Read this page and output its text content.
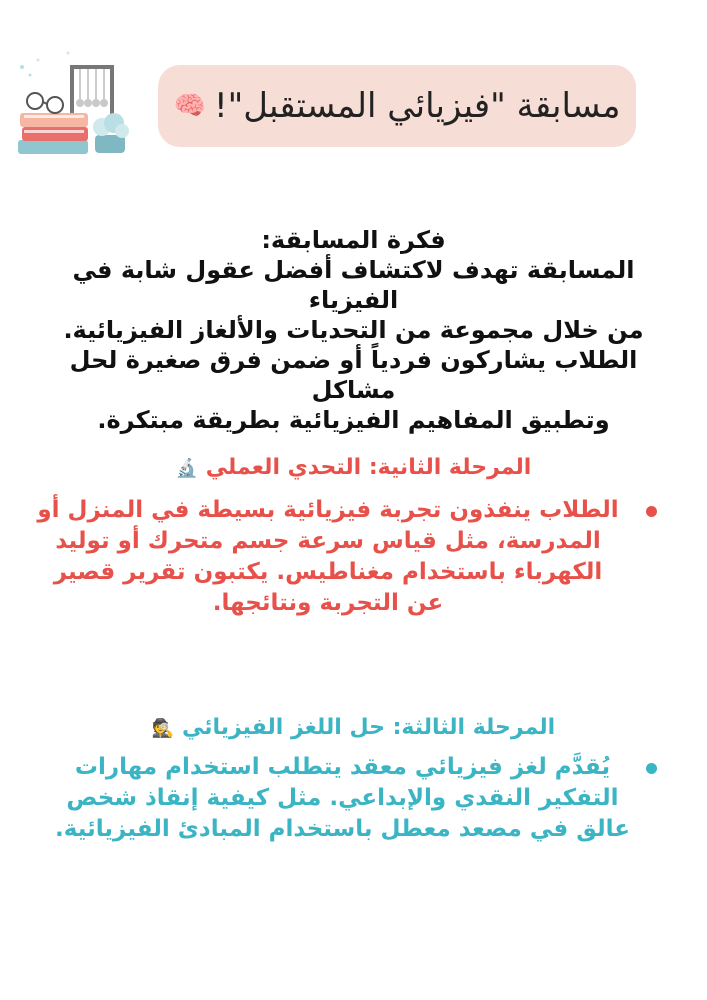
مسابقة "فيزيائي المستقبل"!
🧠

فكرة المسابقة:

المسابقة تهدف لاكتشاف أفضل عقول شابة في الفيزياء

من خلال مجموعة من التحديات والألغاز الفيزيائية.

الطلاب يشاركون فردياً أو ضمن فرق صغيرة لحل مشاكل

وتطبيق المفاهيم الفيزيائية بطريقة مبتكرة.

المرحلة الثانية: التحدي العملي 🔬
الطلاب ينفذون تجربة فيزيائية بسيطة في المنزل أو
المدرسة، مثل قياس سرعة جسم متحرك أو توليد
الكهرباء باستخدام مغناطيس. يكتبون تقرير قصير
عن التجربة ونتائجها.
المرحلة الثالثة: حل اللغز الفيزيائي 🕵️
يُقدَّم لغز فيزيائي معقد يتطلب استخدام مهارات
التفكير النقدي والإبداعي. مثل كيفية إنقاذ شخص
عالق في مصعد معطل باستخدام المبادئ الفيزيائية.
